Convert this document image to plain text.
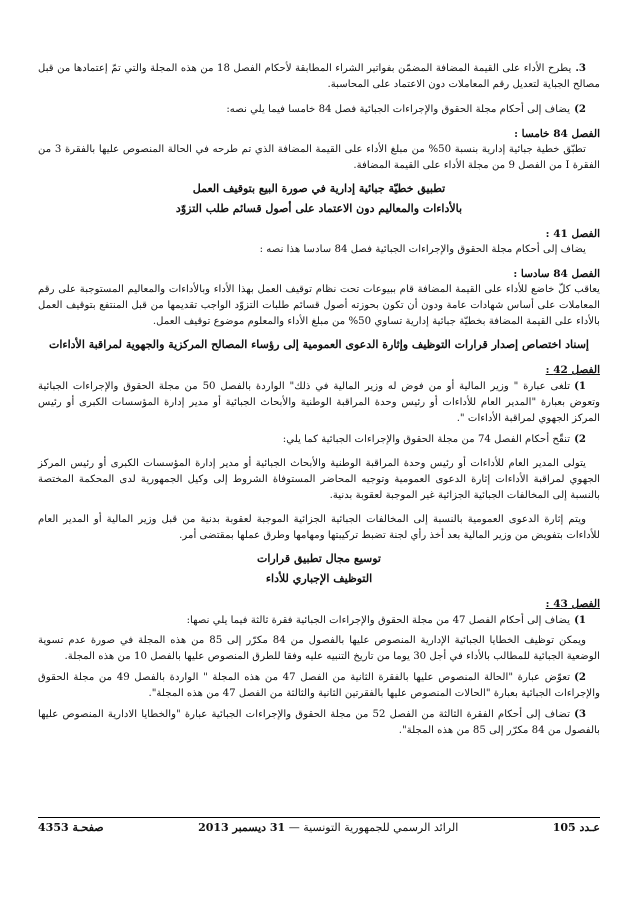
3.يطرح الأداء على القيمة المضافة المضمّن بفواتير الشراء المطابقة لأحكام الفصل 18 من هذه المجلة والتي تمّ إعتمادها من قبل مصالح الجباية لتعديل رقم المعاملات دون الاعتماد على المحاسبة.

2)يضاف إلى أحكام مجلة الحقوق والإجراءات الجبائية فصل 84 خامسا فيما يلي نصه:

الفصل 84 خامسا :

تطبّق خطية جبائية إدارية بنسبة 50% من مبلغ الأداء على القيمة المضافة الذي تم طرحه في الحالة المنصوص عليها بالفقرة 3 من الفقرة I من الفصل 9 من مجلة الأداء على القيمة المضافة.

تطبيق خطيّة جبائية إدارية في صورة البيع بتوقيف العمل

بالأداءات والمعاليم دون الاعتماد على أصول قسائم طلب التزوّد

الفصل 41 :

يضاف إلى أحكام مجلة الحقوق والإجراءات الجبائية فصل 84 سادسا هذا نصه :

الفصل 84 سادسا :

يعاقب كلّ خاضع للأداء على القيمة المضافة قام ببيوعات تحت نظام توقيف العمل بهذا الأداء وبالأداءات والمعاليم المستوجبة على رقم المعاملات على أساس شهادات عامة ودون أن تكون بحوزته أصول قسائم طلبات التزوّد الواجب تقديمها من قبل المنتفع بتوقيف العمل بالأداء على القيمة المضافة بخطيّة جبائية إدارية تساوي 50% من مبلغ الأداء والمعلوم موضوع توقيف العمل.

إسناد اختصاص إصدار قرارات التوظيف وإثارة الدعوى العمومية إلى رؤساء المصالح المركزية والجهوية لمراقبة الأداءات

الفصل 42 :

1)تلغى عبارة " وزير المالية أو من فوض له وزير المالية في ذلك" الواردة بالفصل 50 من مجلة الحقوق والإجراءات الجبائية وتعوض بعبارة "المدير العام للأداءات أو رئيس وحدة المراقبة الوطنية والأبحاث الجبائية أو مدير إدارة المؤسسات الكبرى أو رئيس المركز الجهوي لمراقبة الأداءات ".

2)تنقّح أحكام الفصل 74 من مجلة الحقوق والإجراءات الجبائية كما يلي:

يتولى المدير العام للأداءات أو رئيس وحدة المراقبة الوطنية والأبحاث الجبائية أو مدير إدارة المؤسسات الكبرى أو رئيس المركز الجهوي لمراقبة الأداءات إثارة الدعوى العمومية وتوجيه المحاضر المستوفاة الشروط إلى وكيل الجمهورية لدى المحكمة المختصة بالنسبة إلى المخالفات الجبائية الجزائية غير الموجبة لعقوبة بدنية.

ويتم إثارة الدعوى العمومية بالنسبة إلى المخالفات الجبائية الجزائية الموجبة لعقوبة بدنية من قبل وزير المالية أو المدير العام للأداءات بتفويض من وزير المالية بعد أخذ رأي لجنة تضبط تركيبتها ومهامها وطرق عملها بمقتضى أمر.

توسيع مجال تطبيق قرارات

التوظيف الإجباري للأداء

الفصل 43 :

1)يضاف إلى أحكام الفصل 47 من مجلة الحقوق والإجراءات الجبائية فقرة ثالثة فيما يلي نصها:

ويمكن توظيف الخطايا الجبائية الإدارية المنصوص عليها بالفصول من 84 مكرّر إلى 85 من هذه المجلة في صورة عدم تسوية الوضعية الجبائية للمطالب بالأداء في أجل 30 يوما من تاريخ التنبيه عليه وفقا للطرق المنصوص عليها بالفصل 10 من هذه المجلة.

2)تعوّض عبارة "الحالة المنصوص عليها بالفقرة الثانية من الفصل 47 من هذه المجلة " الواردة بالفصل 49 من مجلة الحقوق والإجراءات الجبائية بعبارة "الحالات المنصوص عليها بالفقرتين الثانية والثالثة من الفصل 47 من هذه المجلة".

3)تضاف إلى أحكام الفقرة الثالثة من الفصل 52 من مجلة الحقوق والإجراءات الجبائية عبارة "والخطايا الادارية المنصوص عليها بالفصول من 84 مكرّر إلى 85 من هذه المجلة".

عـدد 105
الرائد الرسمي للجمهورية التونسية — 31 ديسمبر 2013
صفحـة 4353
